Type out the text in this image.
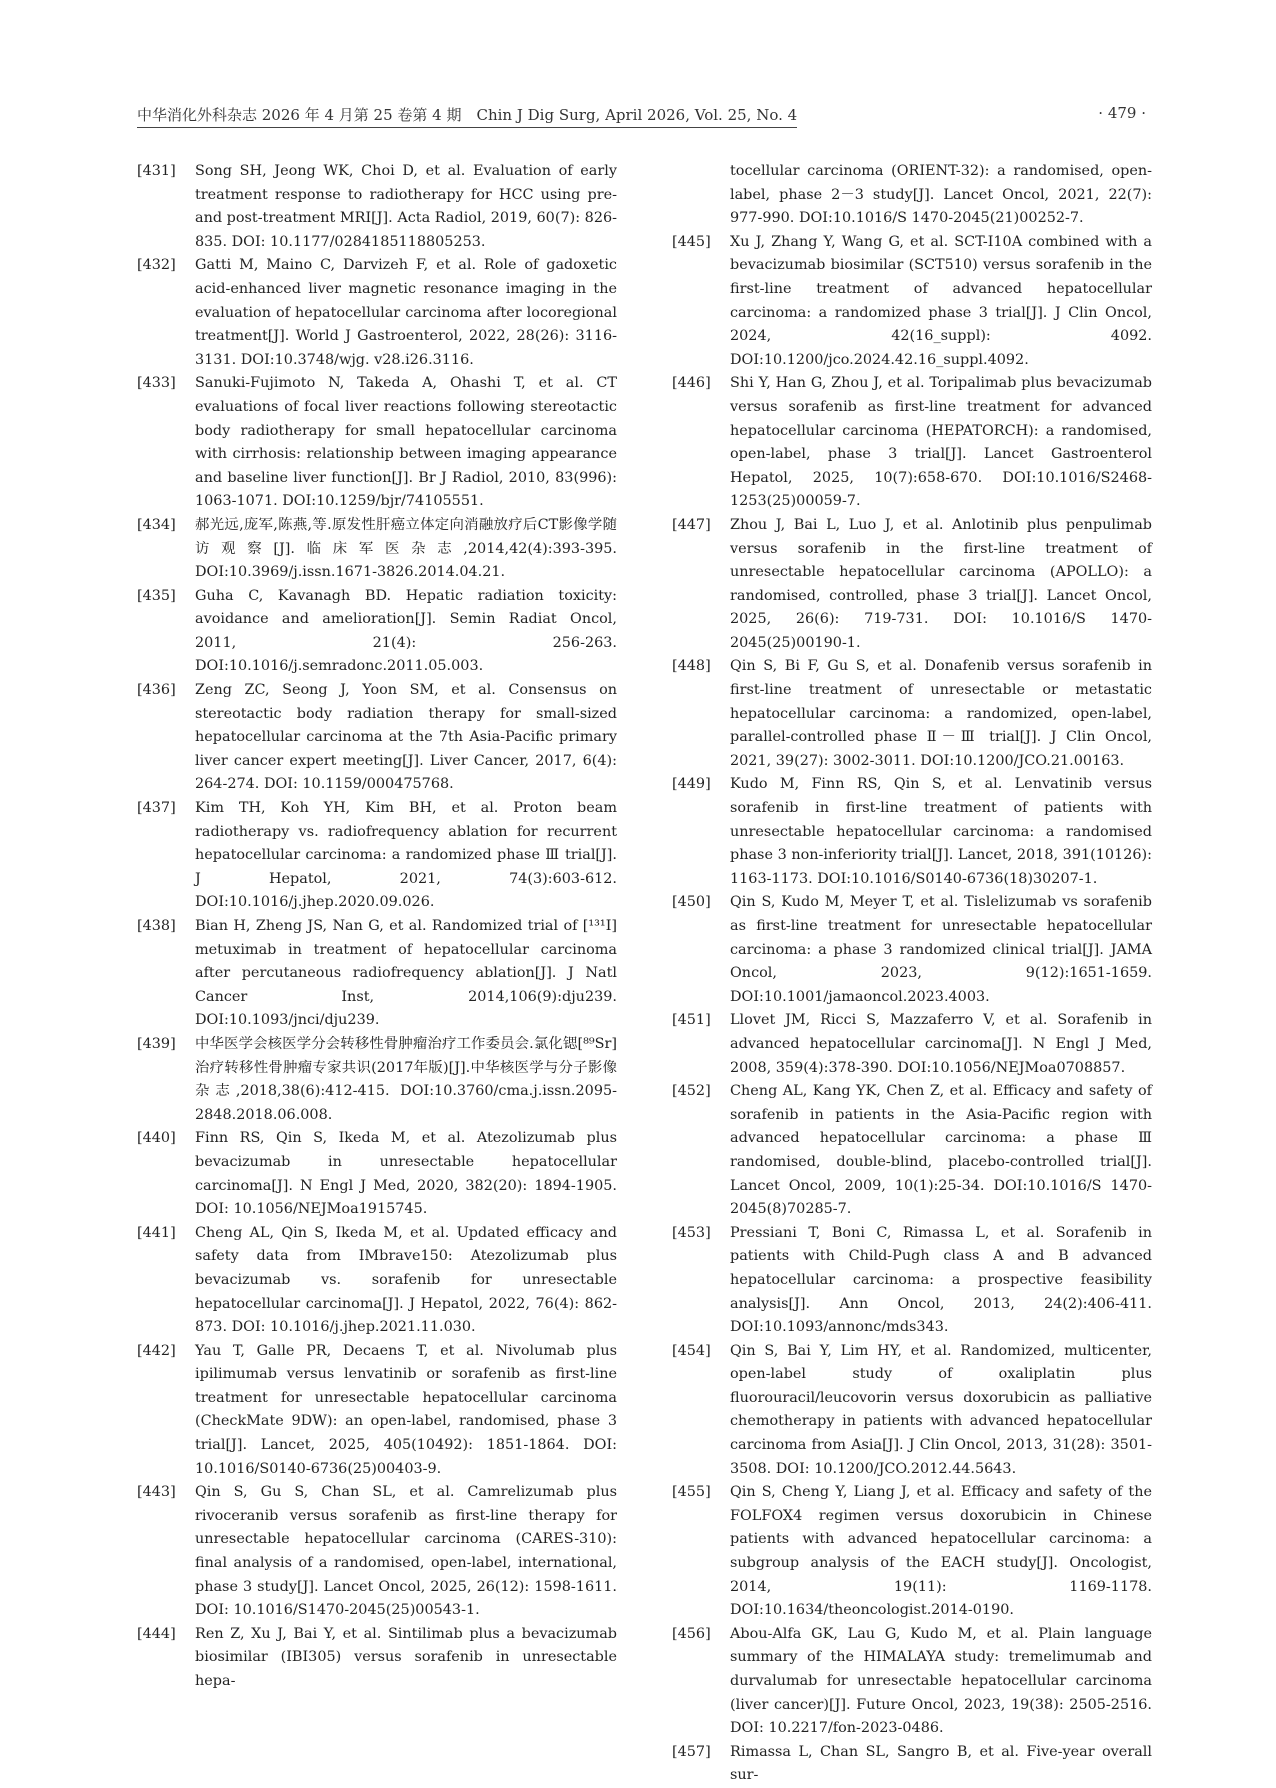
中华消化外科杂志 2026 年 4 月第 25 卷第 4 期　Chin J Dig Surg, April 2026, Vol. 25, No. 4	· 479 ·
[431] Song SH, Jeong WK, Choi D, et al. Evaluation of early treatment response to radiotherapy for HCC using pre-and post-treatment MRI[J]. Acta Radiol, 2019, 60(7): 826-835. DOI: 10.1177/0284185118805253.
[432] Gatti M, Maino C, Darvizeh F, et al. Role of gadoxetic acid-enhanced liver magnetic resonance imaging in the evaluation of hepatocellular carcinoma after locoregional treatment[J]. World J Gastroenterol, 2022, 28(26): 3116-3131. DOI:10.3748/wjg. v28.i26.3116.
[433] Sanuki-Fujimoto N, Takeda A, Ohashi T, et al. CT evaluations of focal liver reactions following stereotactic body radiotherapy for small hepatocellular carcinoma with cirrhosis: relationship between imaging appearance and baseline liver function[J]. Br J Radiol, 2010, 83(996): 1063-1071. DOI:10.1259/bjr/74105551.
[434] 郝光远,庞军,陈燕,等.原发性肝癌立体定向消融放疗后CT影像学随访观察[J].临床军医杂志,2014,42(4):393-395. DOI:10.3969/j.issn.1671-3826.2014.04.21.
[435] Guha C, Kavanagh BD. Hepatic radiation toxicity: avoidance and amelioration[J]. Semin Radiat Oncol, 2011, 21(4): 256-263. DOI:10.1016/j.semradonc.2011.05.003.
[436] Zeng ZC, Seong J, Yoon SM, et al. Consensus on stereotactic body radiation therapy for small-sized hepatocellular carcinoma at the 7th Asia-Pacific primary liver cancer expert meeting[J]. Liver Cancer, 2017, 6(4): 264-274. DOI: 10.1159/000475768.
[437] Kim TH, Koh YH, Kim BH, et al. Proton beam radiotherapy vs. radiofrequency ablation for recurrent hepatocellular carcinoma: a randomized phase Ⅲ trial[J]. J Hepatol, 2021, 74(3):603-612. DOI:10.1016/j.jhep.2020.09.026.
[438] Bian H, Zheng JS, Nan G, et al. Randomized trial of [¹³¹I] metuximab in treatment of hepatocellular carcinoma after percutaneous radiofrequency ablation[J]. J Natl Cancer Inst, 2014,106(9):dju239. DOI:10.1093/jnci/dju239.
[439] 中华医学会核医学分会转移性骨肿瘤治疗工作委员会.氯化锶[⁸⁹Sr]治疗转移性骨肿瘤专家共识(2017年版)[J].中华核医学与分子影像杂志,2018,38(6):412-415. DOI:10.3760/cma.j.issn.2095-2848.2018.06.008.
[440] Finn RS, Qin S, Ikeda M, et al. Atezolizumab plus bevacizumab in unresectable hepatocellular carcinoma[J]. N Engl J Med, 2020, 382(20): 1894-1905. DOI: 10.1056/NEJMoa1915745.
[441] Cheng AL, Qin S, Ikeda M, et al. Updated efficacy and safety data from IMbrave150: Atezolizumab plus bevacizumab vs. sorafenib for unresectable hepatocellular carcinoma[J]. J Hepatol, 2022, 76(4): 862-873. DOI: 10.1016/j.jhep.2021.11.030.
[442] Yau T, Galle PR, Decaens T, et al. Nivolumab plus ipilimumab versus lenvatinib or sorafenib as first-line treatment for unresectable hepatocellular carcinoma (CheckMate 9DW): an open-label, randomised, phase 3 trial[J]. Lancet, 2025, 405(10492): 1851-1864. DOI: 10.1016/S0140-6736(25)00403-9.
[443] Qin S, Gu S, Chan SL, et al. Camrelizumab plus rivoceranib versus sorafenib as first-line therapy for unresectable hepatocellular carcinoma (CARES-310): final analysis of a randomised, open-label, international, phase 3 study[J]. Lancet Oncol, 2025, 26(12): 1598-1611. DOI: 10.1016/S1470-2045(25)00543-1.
[444] Ren Z, Xu J, Bai Y, et al. Sintilimab plus a bevacizumab biosimilar (IBI305) versus sorafenib in unresectable hepa-
tocellular carcinoma (ORIENT-32): a randomised, open-label, phase 2－3 study[J]. Lancet Oncol, 2021, 22(7): 977-990. DOI:10.1016/S 1470-2045(21)00252-7.
[445] Xu J, Zhang Y, Wang G, et al. SCT-I10A combined with a bevacizumab biosimilar (SCT510) versus sorafenib in the first-line treatment of advanced hepatocellular carcinoma: a randomized phase 3 trial[J]. J Clin Oncol, 2024, 42(16_suppl): 4092. DOI:10.1200/jco.2024.42.16_suppl.4092.
[446] Shi Y, Han G, Zhou J, et al. Toripalimab plus bevacizumab versus sorafenib as first-line treatment for advanced hepatocellular carcinoma (HEPATORCH): a randomised, open-label, phase 3 trial[J]. Lancet Gastroenterol Hepatol, 2025, 10(7):658-670. DOI:10.1016/S2468-1253(25)00059-7.
[447] Zhou J, Bai L, Luo J, et al. Anlotinib plus penpulimab versus sorafenib in the first-line treatment of unresectable hepatocellular carcinoma (APOLLO): a randomised, controlled, phase 3 trial[J]. Lancet Oncol, 2025, 26(6): 719-731. DOI: 10.1016/S 1470-2045(25)00190-1.
[448] Qin S, Bi F, Gu S, et al. Donafenib versus sorafenib in first-line treatment of unresectable or metastatic hepatocellular carcinoma: a randomized, open-label, parallel-controlled phase Ⅱ－Ⅲ trial[J]. J Clin Oncol, 2021, 39(27): 3002-3011. DOI:10.1200/JCO.21.00163.
[449] Kudo M, Finn RS, Qin S, et al. Lenvatinib versus sorafenib in first-line treatment of patients with unresectable hepatocellular carcinoma: a randomised phase 3 non-inferiority trial[J]. Lancet, 2018, 391(10126): 1163-1173. DOI:10.1016/S0140-6736(18)30207-1.
[450] Qin S, Kudo M, Meyer T, et al. Tislelizumab vs sorafenib as first-line treatment for unresectable hepatocellular carcinoma: a phase 3 randomized clinical trial[J]. JAMA Oncol, 2023, 9(12):1651-1659. DOI:10.1001/jamaoncol.2023.4003.
[451] Llovet JM, Ricci S, Mazzaferro V, et al. Sorafenib in advanced hepatocellular carcinoma[J]. N Engl J Med, 2008, 359(4):378-390. DOI:10.1056/NEJMoa0708857.
[452] Cheng AL, Kang YK, Chen Z, et al. Efficacy and safety of sorafenib in patients in the Asia-Pacific region with advanced hepatocellular carcinoma: a phase Ⅲ randomised, double-blind, placebo-controlled trial[J]. Lancet Oncol, 2009, 10(1):25-34. DOI:10.1016/S 1470-2045(8)70285-7.
[453] Pressiani T, Boni C, Rimassa L, et al. Sorafenib in patients with Child-Pugh class A and B advanced hepatocellular carcinoma: a prospective feasibility analysis[J]. Ann Oncol, 2013, 24(2):406-411. DOI:10.1093/annonc/mds343.
[454] Qin S, Bai Y, Lim HY, et al. Randomized, multicenter, open-label study of oxaliplatin plus fluorouracil/leucovorin versus doxorubicin as palliative chemotherapy in patients with advanced hepatocellular carcinoma from Asia[J]. J Clin Oncol, 2013, 31(28): 3501-3508. DOI: 10.1200/JCO.2012.44.5643.
[455] Qin S, Cheng Y, Liang J, et al. Efficacy and safety of the FOLFOX4 regimen versus doxorubicin in Chinese patients with advanced hepatocellular carcinoma: a subgroup analysis of the EACH study[J]. Oncologist, 2014, 19(11): 1169-1178. DOI:10.1634/theoncologist.2014-0190.
[456] Abou-Alfa GK, Lau G, Kudo M, et al. Plain language summary of the HIMALAYA study: tremelimumab and durvalumab for unresectable hepatocellular carcinoma (liver cancer)[J]. Future Oncol, 2023, 19(38): 2505-2516. DOI: 10.2217/fon-2023-0486.
[457] Rimassa L, Chan SL, Sangro B, et al. Five-year overall sur-
